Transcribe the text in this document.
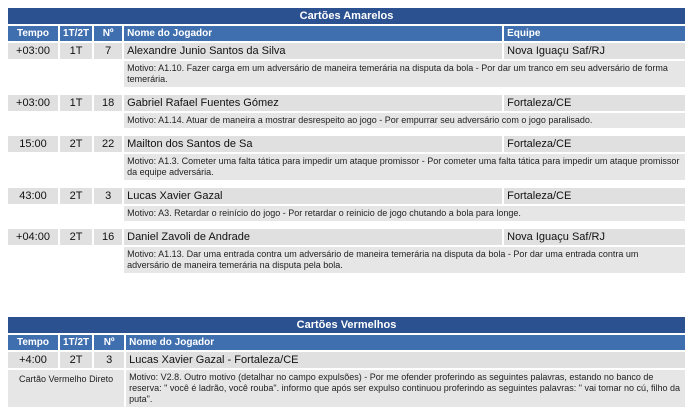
Cartões Amarelos				
Tempo	1T/2T	Nº	Nome do Jogador	Equipe
+03:00	1T	7	Alexandre Junio Santos da Silva	Nova Iguaçu Saf/RJ
			Motivo: A1.10. Fazer carga em um adversário de maneira temerária na disputa da bola - Por dar um tranco em seu adversário de forma temerária.	

+03:00	1T	18	Gabriel Rafael Fuentes Gómez	Fortaleza/CE
			Motivo: A1.14. Atuar de maneira a mostrar desrespeito ao jogo - Por empurrar seu adversário com o jogo paralisado.	

15:00	2T	22	Mailton dos Santos de Sa	Fortaleza/CE
			Motivo: A1.3. Cometer uma falta tática para impedir um ataque promissor - Por cometer uma falta tática para impedir um ataque promissor da equipe adversária.	

43:00	2T	3	Lucas Xavier Gazal	Fortaleza/CE
			Motivo: A3. Retardar o reinício do jogo - Por retardar o reinicio de jogo chutando a bola para longe.	

+04:00	2T	16	Daniel Zavoli de Andrade	Nova Iguaçu Saf/RJ
			Motivo: A1.13. Dar uma entrada contra um adversário de maneira temerária na disputa da bola - Por dar uma entrada contra um adversário de maneira temerária na disputa pela bola.	
Cartões Vermelhos			
Tempo	1T/2T	Nº	Nome do Jogador
+4:00	2T	3	Lucas Xavier Gazal - Fortaleza/CE
Cartão Vermelho Direto			Motivo: V2.8. Outro motivo (detalhar no campo expulsões) - Por me ofender proferindo as seguintes palavras, estando no banco de reserva: " você é ladrão, você rouba". informo que após ser expulso continuou proferindo as seguintes palavras: " vai tomar no cú, filho da puta".
